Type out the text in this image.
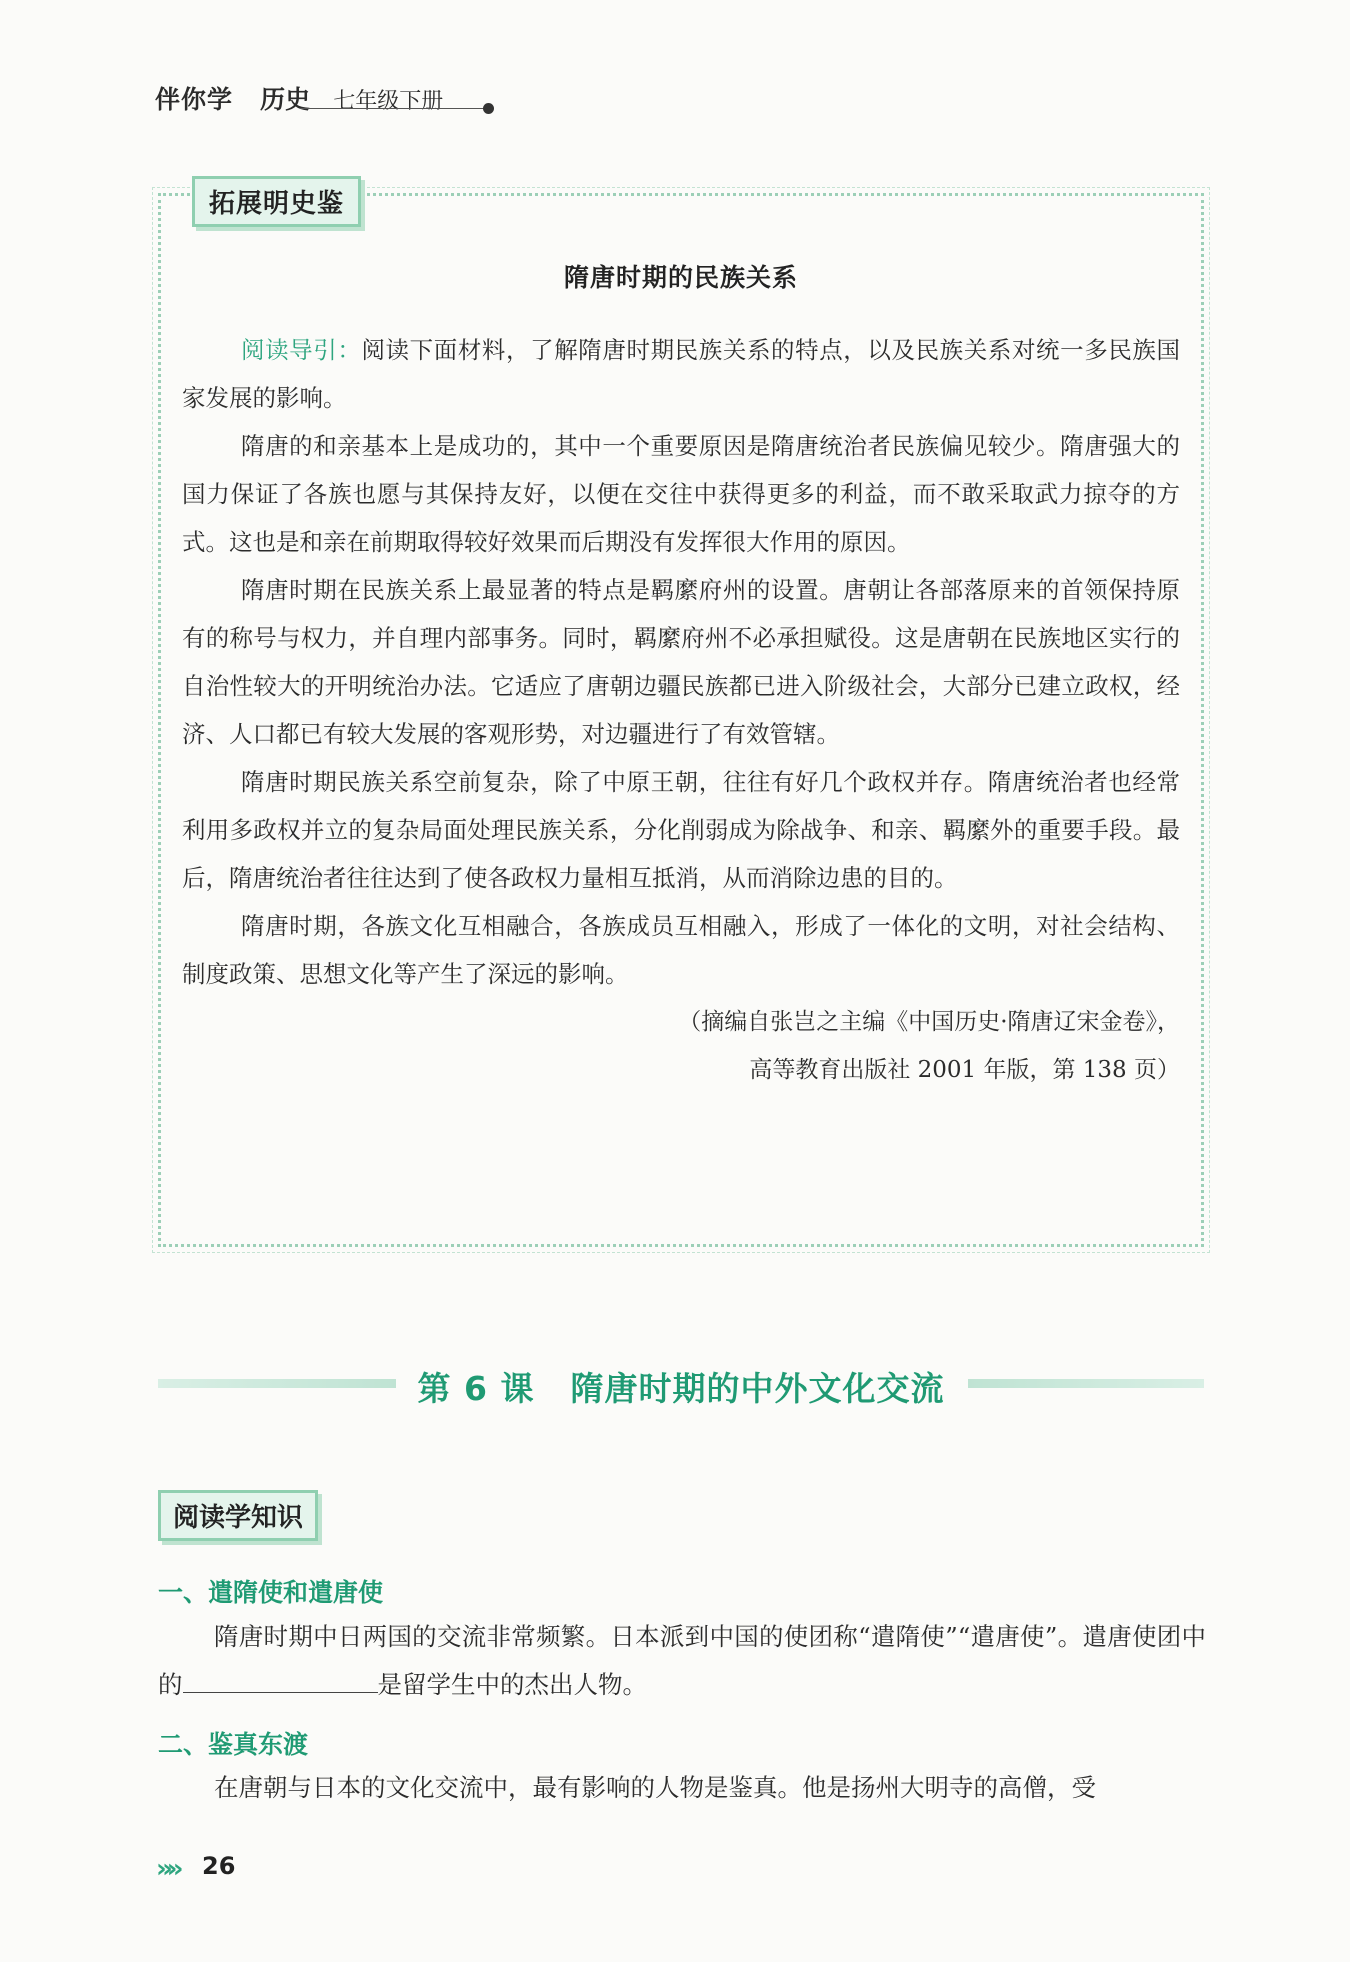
伴你学 历史 七年级下册
拓展明史鉴
隋唐时期的民族关系

阅读导引：阅读下面材料，了解隋唐时期民族关系的特点，以及民族关系对统一多民族国家发展的影响。

隋唐的和亲基本上是成功的，其中一个重要原因是隋唐统治者民族偏见较少。隋唐强大的国力保证了各族也愿与其保持友好，以便在交往中获得更多的利益，而不敢采取武力掠夺的方式。这也是和亲在前期取得较好效果而后期没有发挥很大作用的原因。

隋唐时期在民族关系上最显著的特点是羁縻府州的设置。唐朝让各部落原来的首领保持原有的称号与权力，并自理内部事务。同时，羁縻府州不必承担赋役。这是唐朝在民族地区实行的自治性较大的开明统治办法。它适应了唐朝边疆民族都已进入阶级社会，大部分已建立政权，经济、人口都已有较大发展的客观形势，对边疆进行了有效管辖。

隋唐时期民族关系空前复杂，除了中原王朝，往往有好几个政权并存。隋唐统治者也经常利用多政权并立的复杂局面处理民族关系，分化削弱成为除战争、和亲、羁縻外的重要手段。最后，隋唐统治者往往达到了使各政权力量相互抵消，从而消除边患的目的。

隋唐时期，各族文化互相融合，各族成员互相融入，形成了一体化的文明，对社会结构、制度政策、思想文化等产生了深远的影响。

（摘编自张岂之主编《中国历史·隋唐辽宋金卷》，
高等教育出版社 2001 年版，第 138 页）
第 6 课 隋唐时期的中外文化交流
阅读学知识
一、遣隋使和遣唐使

隋唐时期中日两国的交流非常频繁。日本派到中国的使团称“遣隋使”“遣唐使”。遣唐使团中的	是留学生中的杰出人物。

二、鉴真东渡

在唐朝与日本的文化交流中，最有影响的人物是鉴真。他是扬州大明寺的高僧，受

»» 26
